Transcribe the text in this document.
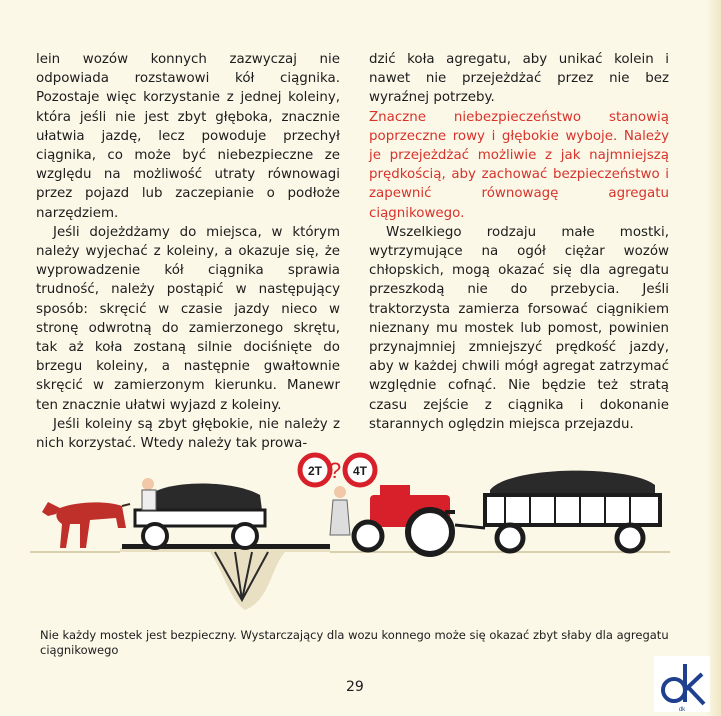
lein wozów konnych zazwyczaj nie odpowiada rozstawowi kół ciągnika. Pozostaje więc korzystanie z jednej koleiny, która jeśli nie jest zbyt głęboka, znacznie ułatwia jazdę, lecz powoduje przechył ciągnika, co może być niebezpieczne ze względu na możliwość utraty równowagi przez pojazd lub zaczepianie o podłoże narzędziem.

Jeśli dojeżdżamy do miejsca, w którym należy wyjechać z koleiny, a okazuje się, że wyprowadzenie kół ciągnika sprawia trudność, należy postąpić w następujący sposób: skręcić w czasie jazdy nieco w stronę odwrotną do zamierzonego skrętu, tak aż koła zostaną silnie dociśnięte do brzegu koleiny, a następnie gwałtownie skręcić w zamierzonym kierunku. Manewr ten znacznie ułatwi wyjazd z koleiny.

Jeśli koleiny są zbyt głębokie, nie należy z nich korzystać. Wtedy należy tak prowa-

dzić koła agregatu, aby unikać kolein i nawet nie przejeżdżać przez nie bez wyraźnej potrzeby.

Znaczne niebezpieczeństwo stanowią poprzeczne rowy i głębokie wyboje. Należy je przejeżdżać możliwie z jak najmniejszą prędkością, aby zachować bezpieczeństwo i zapewnić równowagę agregatu ciągnikowego.

Wszelkiego rodzaju małe mostki, wytrzymujące na ogół ciężar wozów chłopskich, mogą okazać się dla agregatu przeszkodą nie do przebycia. Jeśli traktorzysta zamierza forsować ciągnikiem nieznany mu mostek lub pomost, powinien przynajmniej zmniejszyć prędkość jazdy, aby w każdej chwili mógł agregat zatrzymać względnie cofnąć. Nie będzie też stratą czasu zejście z ciągnika i dokonanie starannych oględzin miejsca przejazdu.

2T ? 4T
Nie każdy mostek jest bezpieczny. Wystarczający dla wozu konnego może się okazać zbyt słaby dla agregatu ciągnikowego
29
dk
